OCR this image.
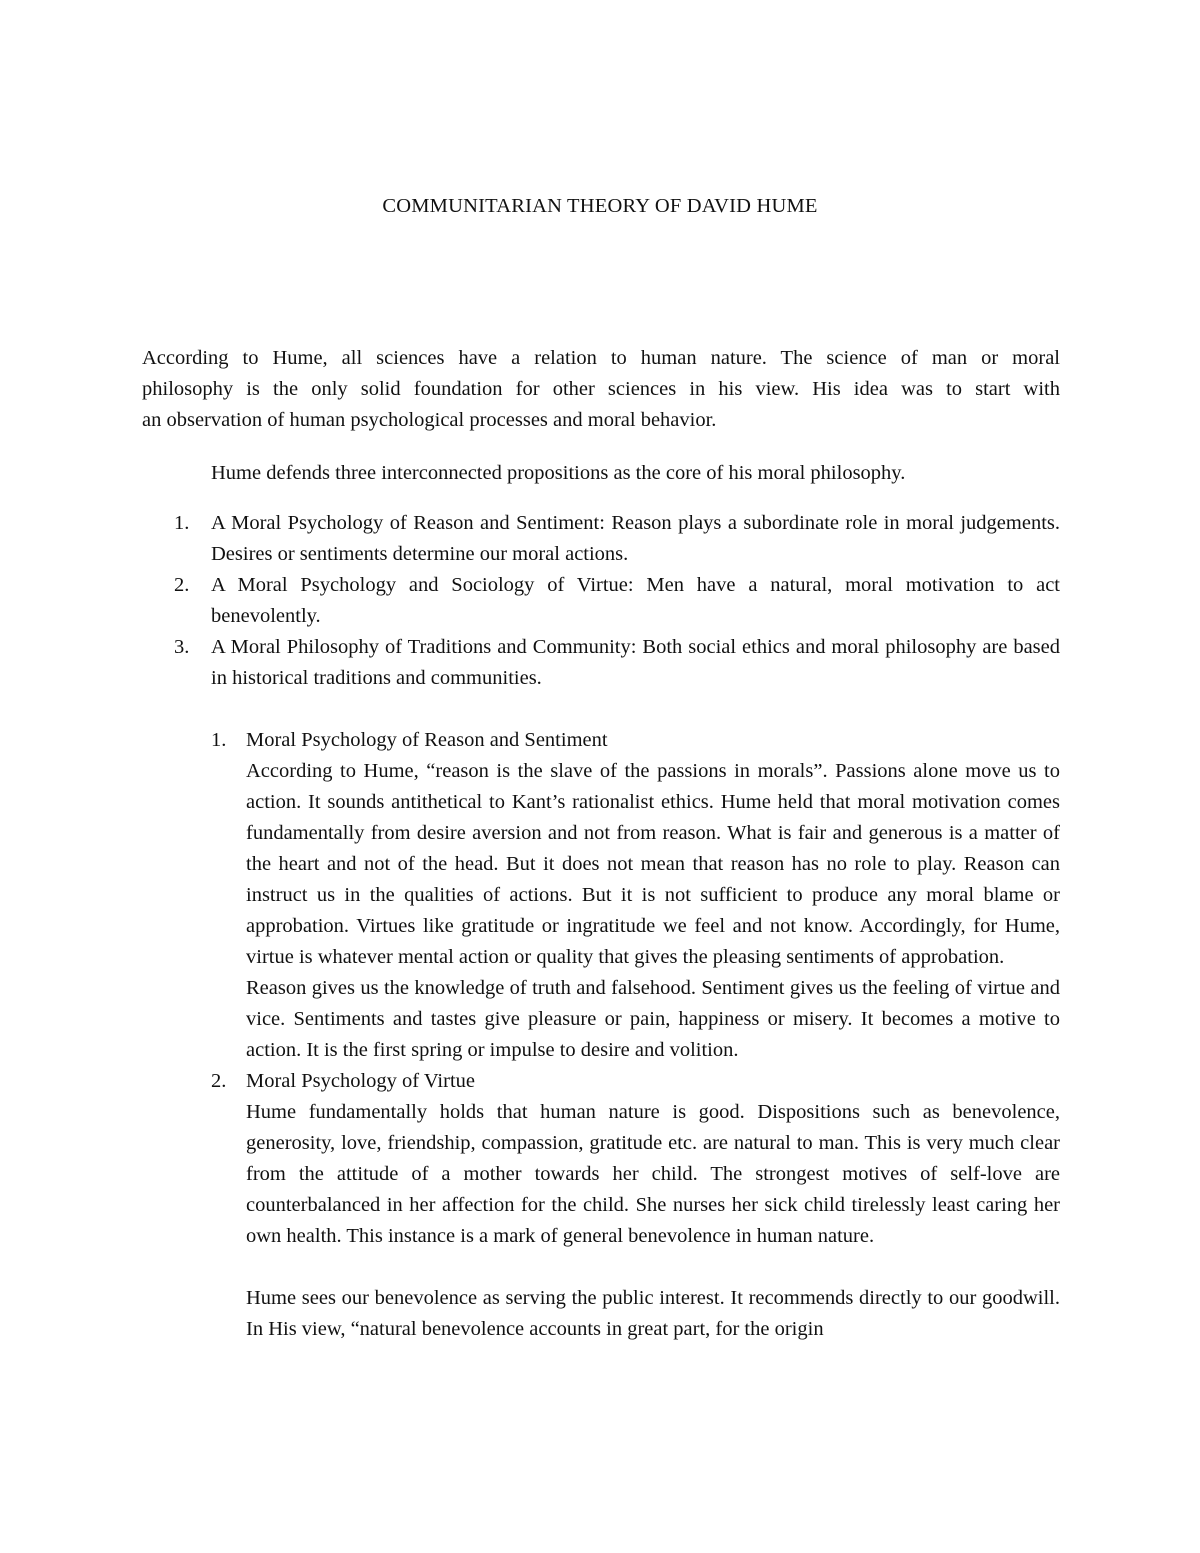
COMMUNITARIAN THEORY OF DAVID HUME

According to Hume, all sciences have a relation to human nature. The science of man or moral
philosophy is the only solid foundation for other sciences in his view. His idea was to start with
an observation of human psychological processes and moral behavior.

Hume defends three interconnected propositions as the core of his moral philosophy.

1. A Moral Psychology of Reason and Sentiment: Reason plays a subordinate role in moral judgements. Desires or sentiments determine our moral actions.
2. A Moral Psychology and Sociology of Virtue: Men have a natural, moral motivation to act benevolently.
3. A Moral Philosophy of Traditions and Community: Both social ethics and moral philosophy are based in historical traditions and communities.
1. Moral Psychology of Reason and Sentiment
According to Hume, “reason is the slave of the passions in morals”. Passions alone move us to action. It sounds antithetical to Kant’s rationalist ethics. Hume held that moral motivation comes fundamentally from desire aversion and not from reason. What is fair and generous is a matter of the heart and not of the head. But it does not mean that reason has no role to play. Reason can instruct us in the qualities of actions. But it is not sufficient to produce any moral blame or approbation. Virtues like gratitude or ingratitude we feel and not know. Accordingly, for Hume, virtue is whatever mental action or quality that gives the pleasing sentiments of approbation.
Reason gives us the knowledge of truth and falsehood. Sentiment gives us the feeling of virtue and vice. Sentiments and tastes give pleasure or pain, happiness or misery. It becomes a motive to action. It is the first spring or impulse to desire and volition.
2. Moral Psychology of Virtue
Hume fundamentally holds that human nature is good. Dispositions such as benevolence, generosity, love, friendship, compassion, gratitude etc. are natural to man. This is very much clear from the attitude of a mother towards her child. The strongest motives of self-love are counterbalanced in her affection for the child. She nurses her sick child tirelessly least caring her own health. This instance is a mark of general benevolence in human nature.
Hume sees our benevolence as serving the public interest. It recommends directly to our goodwill. In His view, “natural benevolence accounts in great part, for the origin
